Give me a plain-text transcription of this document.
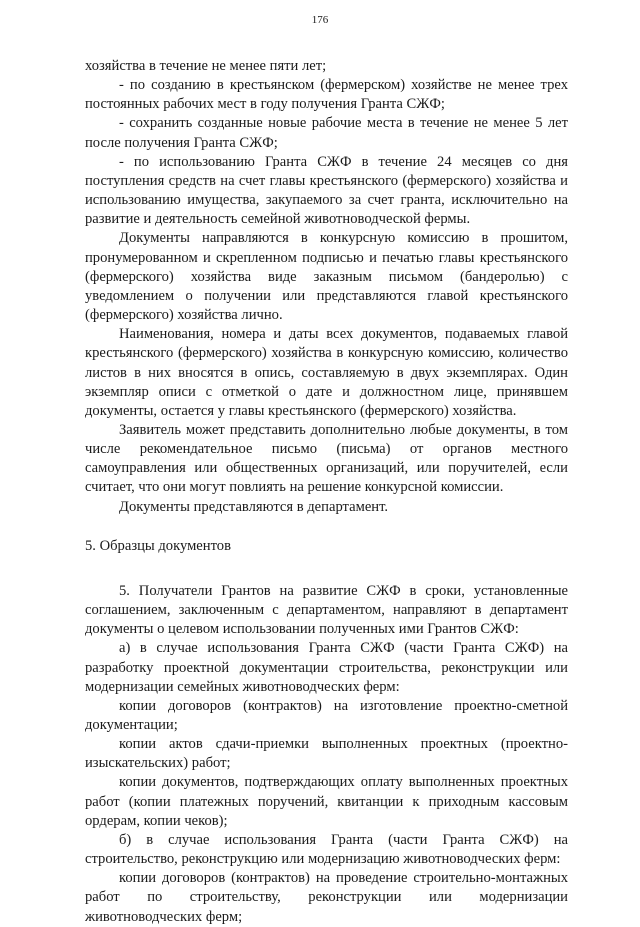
176

хозяйства в течение не менее пяти лет;

- по созданию в крестьянском (фермерском) хозяйстве не менее трех постоянных рабочих мест в году получения Гранта СЖФ;

- сохранить созданные новые рабочие места в течение не менее 5 лет после получения Гранта СЖФ;

- по использованию Гранта СЖФ в течение 24 месяцев со дня поступления средств на счет главы крестьянского (фермерского) хозяйства и использованию имущества, закупаемого за счет гранта, исключительно на развитие и деятельность семейной животноводческой фермы.

Документы направляются в конкурсную комиссию в прошитом, пронумерованном и скрепленном подписью и печатью главы крестьянского (фермерского) хозяйства виде заказным письмом (бандеролью) с уведомлением о получении или представляются главой крестьянского (фермерского) хозяйства лично.

Наименования, номера и даты всех документов, подаваемых главой крестьянского (фермерского) хозяйства в конкурсную комиссию, количество листов в них вносятся в опись, составляемую в двух экземплярах. Один экземпляр описи с отметкой о дате и должностном лице, принявшем документы, остается у главы крестьянского (фермерского) хозяйства.

Заявитель может представить дополнительно любые документы, в том числе рекомендательное письмо (письма) от органов местного самоуправления или общественных организаций, или поручителей, если считает, что они могут повлиять на решение конкурсной комиссии.

Документы представляются в департамент.

5. Образцы документов

5. Получатели Грантов на развитие СЖФ в сроки, установленные соглашением, заключенным с департаментом, направляют в департамент документы о целевом использовании полученных ими Грантов СЖФ:

а) в случае использования Гранта СЖФ (части Гранта СЖФ) на разработку проектной документации строительства, реконструкции или модернизации семейных животноводческих ферм:

копии договоров (контрактов) на изготовление проектно-сметной документации;

копии актов сдачи-приемки выполненных проектных (проектно-изыскательских) работ;

копии документов, подтверждающих оплату выполненных проектных работ (копии платежных поручений, квитанции к приходным кассовым ордерам, копии чеков);

б) в случае использования Гранта (части Гранта СЖФ) на строительство, реконструкцию или модернизацию животноводческих ферм:

копии договоров (контрактов) на проведение строительно-монтажных работ по строительству, реконструкции или модернизации животноводческих ферм;
